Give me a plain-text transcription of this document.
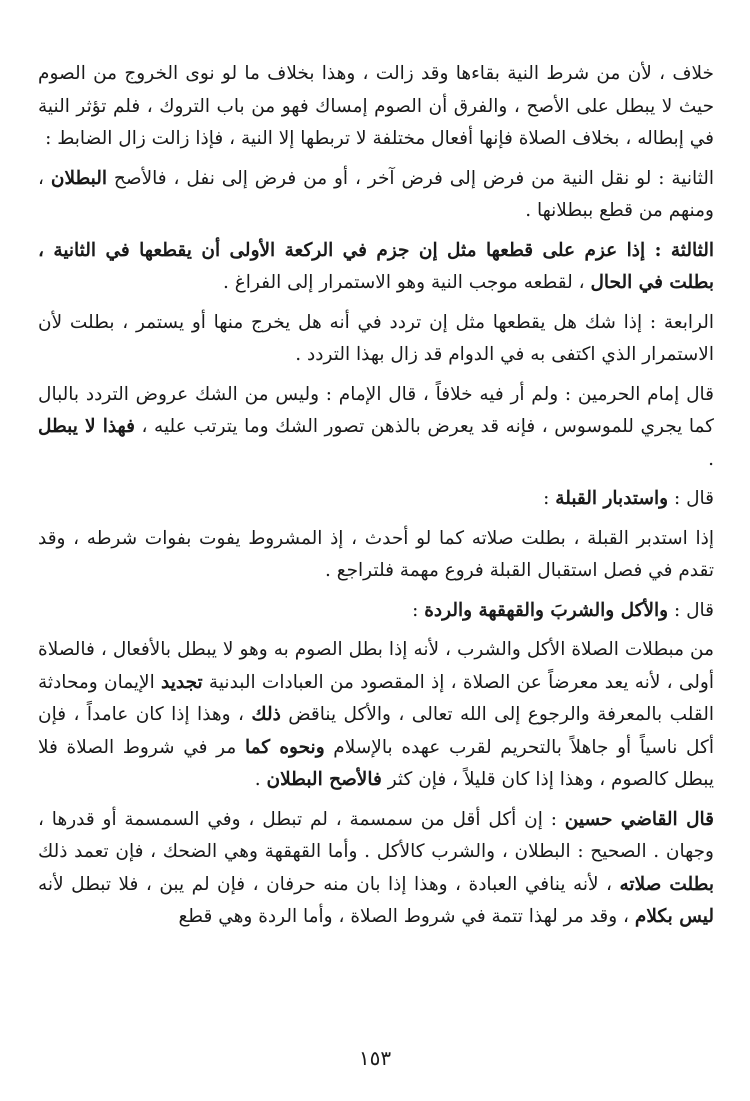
خلاف ، لأن من شرط النية بقاءها وقد زالت ، وهذا بخلاف ما لو نوى الخروج من الصوم حيث لا يبطل على الأصح ، والفرق أن الصوم إمساك فهو من باب التروك ، فلم تؤثر النية في إبطاله ، بخلاف الصلاة فإنها أفعال مختلفة لا تربطها إلا النية ، فإذا زالت زال الضابط :

الثانية : لو نقل النية من فرض إلى فرض آخر ، أو من فرض إلى نفل ، فالأصح البطلان ، ومنهم من قطع ببطلانها .

الثالثة : إذا عزم على قطعها مثل إن جزم في الركعة الأولى أن يقطعها في الثانية ، بطلت في الحال ، لقطعه موجب النية وهو الاستمرار إلى الفراغ .

الرابعة : إذا شك هل يقطعها مثل إن تردد في أنه هل يخرج منها أو يستمر ، بطلت لأن الاستمرار الذي اكتفى به في الدوام قد زال بهذا التردد .

قال إمام الحرمين : ولم أر فيه خلافاً ، قال الإمام : وليس من الشك عروض التردد بالبال كما يجري للموسوس ، فإنه قد يعرض بالذهن تصور الشك وما يترتب عليه ، فهذا لا يبطل .

قال : واستدبار القبلة :

إذا استدبر القبلة ، بطلت صلاته كما لو أحدث ، إذ المشروط يفوت بفوات شرطه ، وقد تقدم في فصل استقبال القبلة فروع مهمة فلتراجع .

قال : والأكل والشربَ والقهقهة والردة :

من مبطلات الصلاة الأكل والشرب ، لأنه إذا بطل الصوم به وهو لا يبطل بالأفعال ، فالصلاة أولى ، لأنه يعد معرضاً عن الصلاة ، إذ المقصود من العبادات البدنية تجديد الإيمان ومحادثة القلب بالمعرفة والرجوع إلى الله تعالى ، والأكل يناقض ذلك ، وهذا إذا كان عامداً ، فإن أكل ناسياً أو جاهلاً بالتحريم لقرب عهده بالإسلام ونحوه كما مر في شروط الصلاة فلا يبطل كالصوم ، وهذا إذا كان قليلاً ، فإن كثر فالأصح البطلان .

قال القاضي حسين : إن أكل أقل من سمسمة ، لم تبطل ، وفي السمسمة أو قدرها ، وجهان . الصحيح : البطلان ، والشرب كالأكل . وأما القهقهة وهي الضحك ، فإن تعمد ذلك بطلت صلاته ، لأنه ينافي العبادة ، وهذا إذا بان منه حرفان ، فإن لم يبن ، فلا تبطل لأنه ليس بكلام ، وقد مر لهذا تتمة في شروط الصلاة ، وأما الردة وهي قطع

١٥٣
